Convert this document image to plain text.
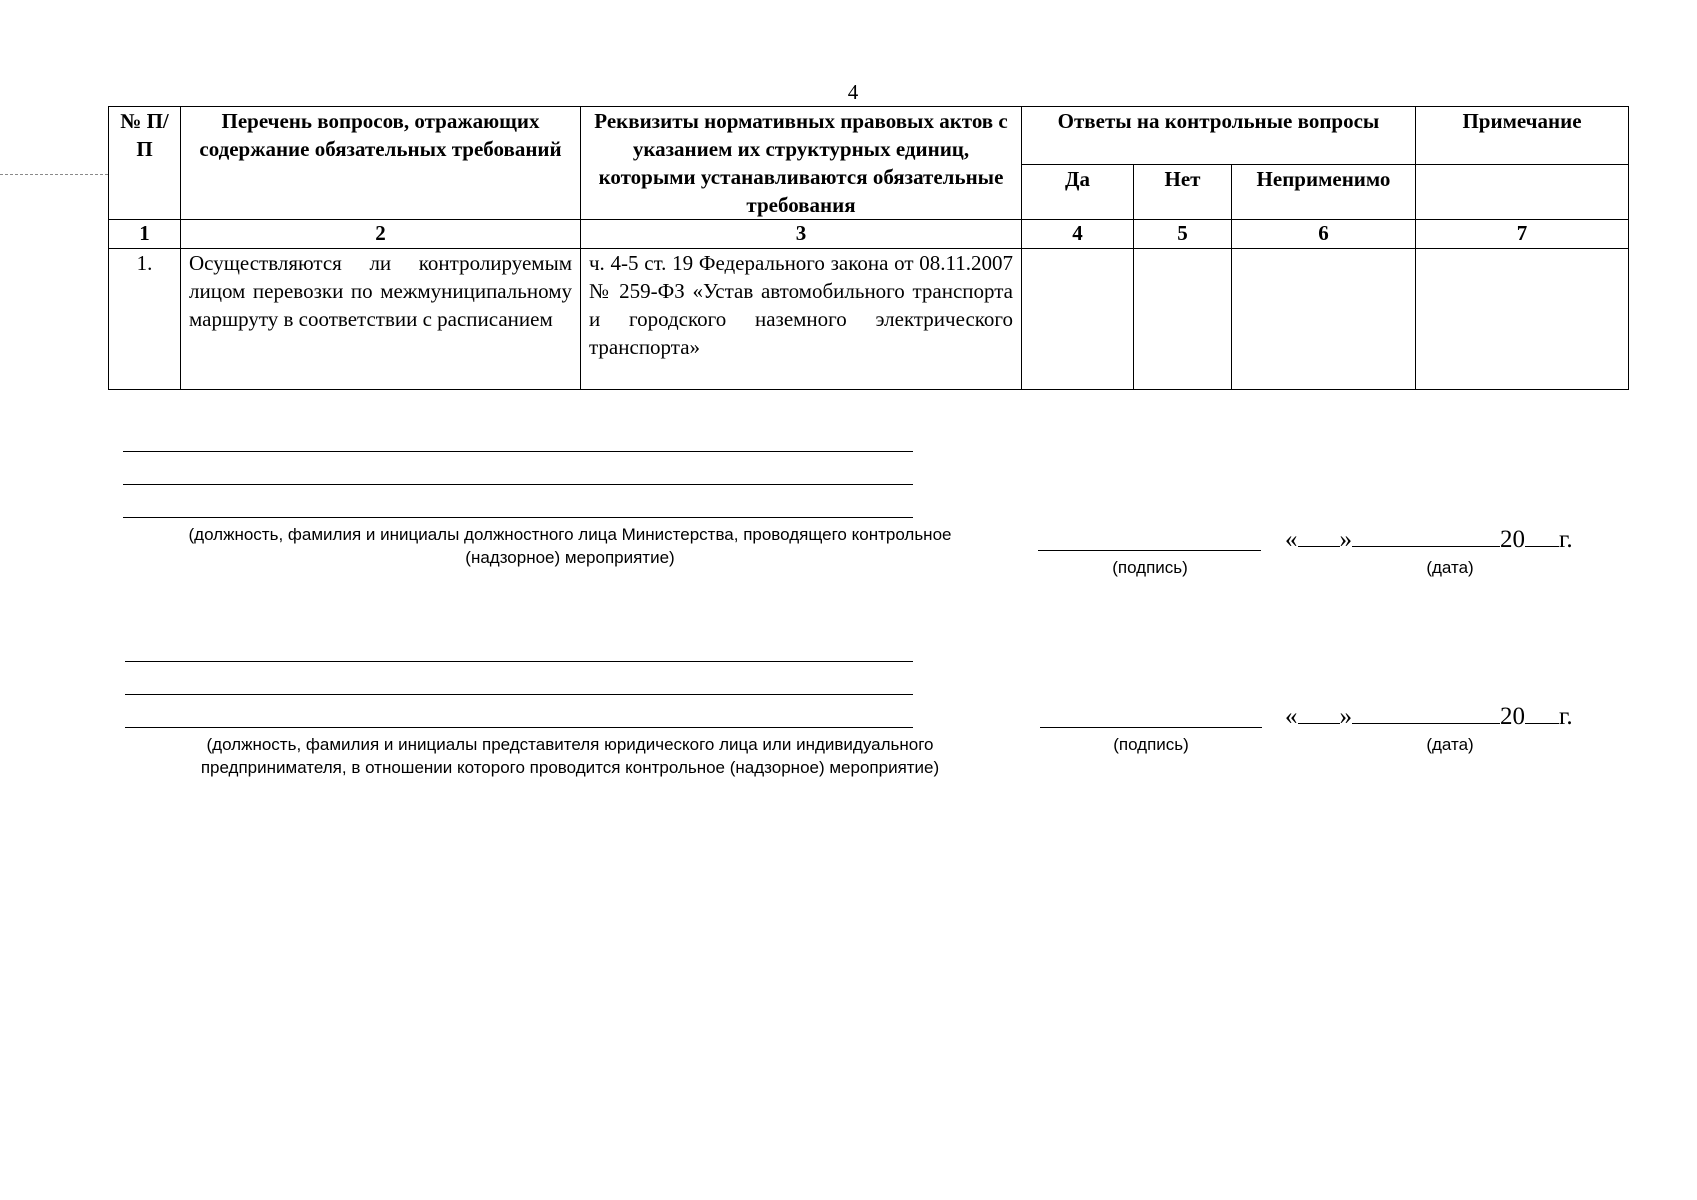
4
№ П/П	Перечень вопросов, отражающих содержание обязательных требований	Реквизиты нормативных правовых актов с указанием их структурных единиц, которыми устанавливаются обязательные требования	Ответы на контрольные вопросы			Примечание
			Да	Нет	Неприменимо	
1	2	3	4	5	6	7
1.	Осуществляются ли контролируемым лицом перевозки по межмуниципальному маршруту в соответствии с расписанием	ч. 4-5 ст. 19 Федерального закона от 08.11.2007 № 259-ФЗ «Устав автомобильного транспорта и городского наземного электрического транспорта»				
(должность, фамилия и инициалы должностного лица Министерства, проводящего контрольное (надзорное) мероприятие)
(подпись)
« »	20 г.
(дата)
(должность, фамилия и инициалы представителя юридического лица или индивидуального предпринимателя, в отношении которого проводится контрольное (надзорное) мероприятие)
(подпись)
« »	20 г.
(дата)
